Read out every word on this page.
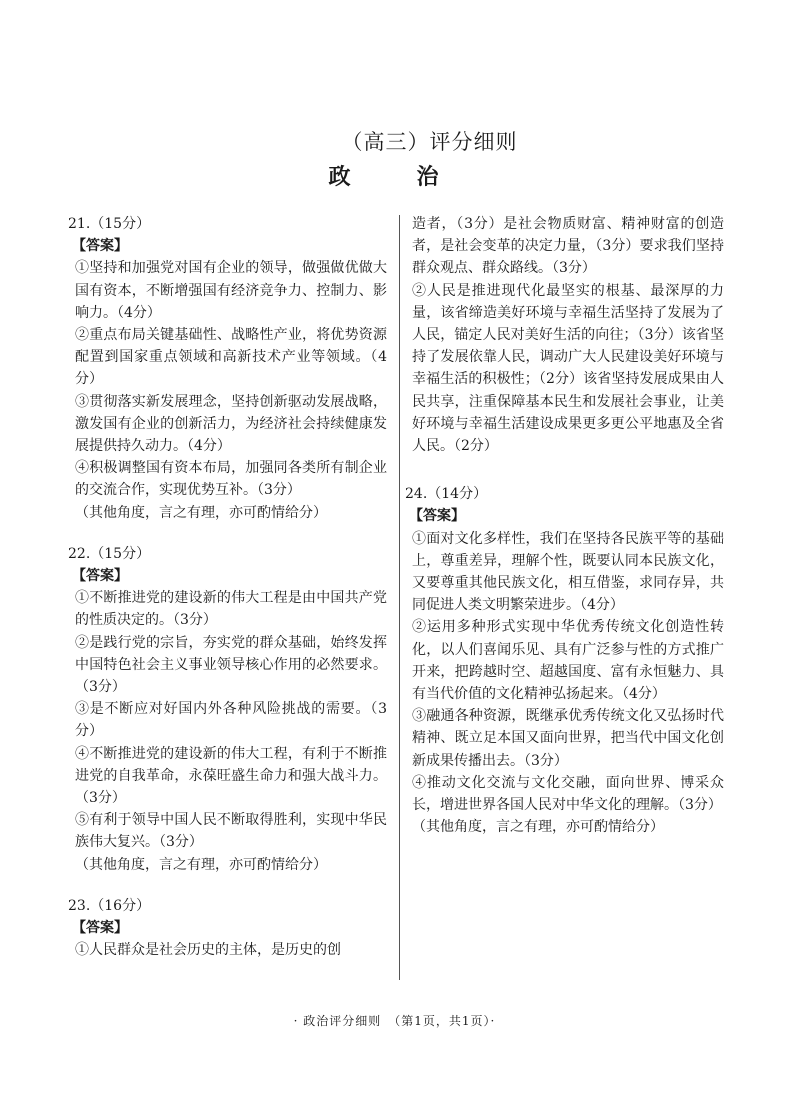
（高三）评分细则
政　治
21.（15分）
【答案】
①坚持和加强党对国有企业的领导，做强做优做大国有资本，不断增强国有经济竞争力、控制力、影响力。（4分）
②重点布局关键基础性、战略性产业，将优势资源配置到国家重点领域和高新技术产业等领域。（4分）
③贯彻落实新发展理念，坚持创新驱动发展战略，激发国有企业的创新活力，为经济社会持续健康发展提供持久动力。（4分）
④积极调整国有资本布局，加强同各类所有制企业的交流合作，实现优势互补。（3分）
（其他角度，言之有理，亦可酌情给分）
22.（15分）
【答案】
①不断推进党的建设新的伟大工程是由中国共产党的性质决定的。（3分）
②是践行党的宗旨，夯实党的群众基础，始终发挥中国特色社会主义事业领导核心作用的必然要求。（3分）
③是不断应对好国内外各种风险挑战的需要。（3分）
④不断推进党的建设新的伟大工程，有利于不断推进党的自我革命，永葆旺盛生命力和强大战斗力。（3分）
⑤有利于领导中国人民不断取得胜利，实现中华民族伟大复兴。（3分）
（其他角度，言之有理，亦可酌情给分）
23.（16分）
【答案】
①人民群众是社会历史的主体，是历史的创
造者，（3分）是社会物质财富、精神财富的创造者，是社会变革的决定力量，（3分）要求我们坚持群众观点、群众路线。（3分）
②人民是推进现代化最坚实的根基、最深厚的力量，该省缔造美好环境与幸福生活坚持了发展为了人民，锚定人民对美好生活的向往；（3分）该省坚持了发展依靠人民，调动广大人民建设美好环境与幸福生活的积极性；（2分）该省坚持发展成果由人民共享，注重保障基本民生和发展社会事业，让美好环境与幸福生活建设成果更多更公平地惠及全省人民。（2分）
24.（14分）
【答案】
①面对文化多样性，我们在坚持各民族平等的基础上，尊重差异，理解个性，既要认同本民族文化，又要尊重其他民族文化，相互借鉴，求同存异，共同促进人类文明繁荣进步。（4分）
②运用多种形式实现中华优秀传统文化创造性转化，以人们喜闻乐见、具有广泛参与性的方式推广开来，把跨越时空、超越国度、富有永恒魅力、具有当代价值的文化精神弘扬起来。（4分）
③融通各种资源，既继承优秀传统文化又弘扬时代精神、既立足本国又面向世界，把当代中国文化创新成果传播出去。（3分）
④推动文化交流与文化交融，面向世界、博采众长，增进世界各国人民对中华文化的理解。（3分）
（其他角度，言之有理，亦可酌情给分）
· 政治评分细则　（第1页，共1页）·
